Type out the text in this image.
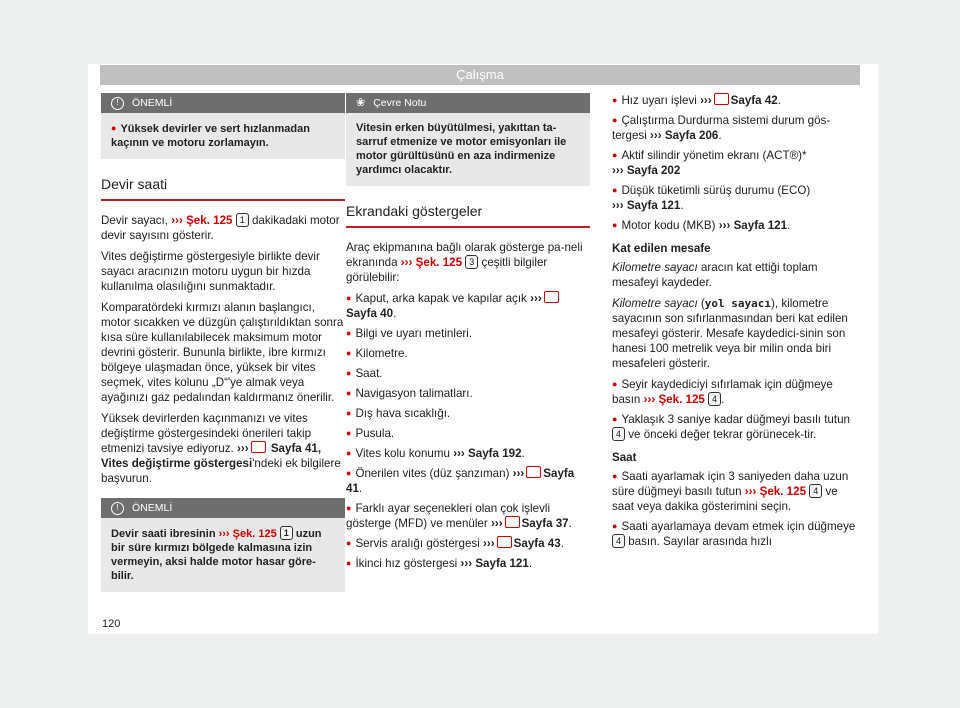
Çalışma
!	ÖNEMLİ
● Yüksek devirler ve sert hızlanmadan kaçının ve motoru zorlamayın.
Devir saati

Devir sayacı, ››› Şek. 125 1 dakikadaki motor devir sayısını gösterir.

Vites değiştirme göstergesiyle birlikte devir sayacı aracınızın motoru uygun bir hızda kullanılma olasılığını sunmaktadır.

Komparatördeki kırmızı alanın başlangıcı, motor sıcakken ve düzgün çalıştırıldıktan sonra kısa süre kullanılabilecek maksimum motor devrini gösterir. Bununla birlikte, ibre kırmızı bölgeye ulaşmadan önce, yüksek bir vites seçmek, vites kolunu „D“'ye almak veya ayağınızı gaz pedalından kaldırmanız önerilir.

Yüksek devirlerden kaçınmanızı ve vites değiştirme göstergesindeki önerileri takip etmenizi tavsiye ediyoruz. ››› Sayfa 41, Vites değiştirme göstergesi'ndeki ek bilgilere başvurun.

!	ÖNEMLİ
Devir saati ibresinin ››› Şek. 125 1 uzun bir süre kırmızı bölgede kalmasına izin vermeyin, aksi halde motor hasar göre-bilir.
❀ Çevre Notu
Vitesin erken büyütülmesi, yakıttan ta-sarruf etmenize ve motor emisyonları ile motor gürültüsünü en aza indirmenize yardımcı olacaktır.
Ekrandaki göstergeler

Araç ekipmanına bağlı olarak gösterge pa-neli ekranında ››› Şek. 125 3 çeşitli bilgiler görülebilir:

● Kaput, arka kapak ve kapılar açık ›››Sayfa 40.
● Bilgi ve uyarı metinleri.
● Kilometre.
● Saat.
● Navigasyon talimatları.
● Dış hava sıcaklığı.
● Pusula.
● Vites kolu konumu ››› Sayfa 192.
● Önerilen vites (düz şanzıman) ››› Sayfa 41.
● Farklı ayar seçenekleri olan çok işlevli gösterge (MFD) ve menüler ››› Sayfa 37.
● Servis aralığı göstergesi ››› Sayfa 43.
● İkinci hız göstergesi ››› Sayfa 121.
● Hız uyarı işlevi ››› Sayfa 42.
● Çalıştırma Durdurma sistemi durum gös-tergesi ››› Sayfa 206.
● Aktif silindir yönetim ekranı (ACT®)*
››› Sayfa 202
● Düşük tüketimli sürüş durumu (ECO)
››› Sayfa 121.
● Motor kodu (MKB) ››› Sayfa 121.
Kat edilen mesafe

Kilometre sayacı aracın kat ettiği toplam mesafeyi kaydeder.

Kilometre sayacı (yol sayacı), kilometre sayacının son sıfırlanmasından beri kat edilen mesafeyi gösterir. Mesafe kaydedici-sinin son hanesi 100 metrelik veya bir milin onda biri mesafeleri gösterir.

● Seyir kaydediciyi sıfırlamak için düğmeye basın ››› Şek. 125 4 .
● Yaklaşık 3 saniye kadar düğmeyi basılı tutun 4 ve önceki değer tekrar görünecek-tir.
Saat
● Saati ayarlamak için 3 saniyeden daha uzun süre düğmeyi basılı tutun ››› Şek. 125 4 ve saat veya dakika gösterimini seçin.
● Saati ayarlamaya devam etmek için düğmeye 4 basın. Sayılar arasında hızlı
120
